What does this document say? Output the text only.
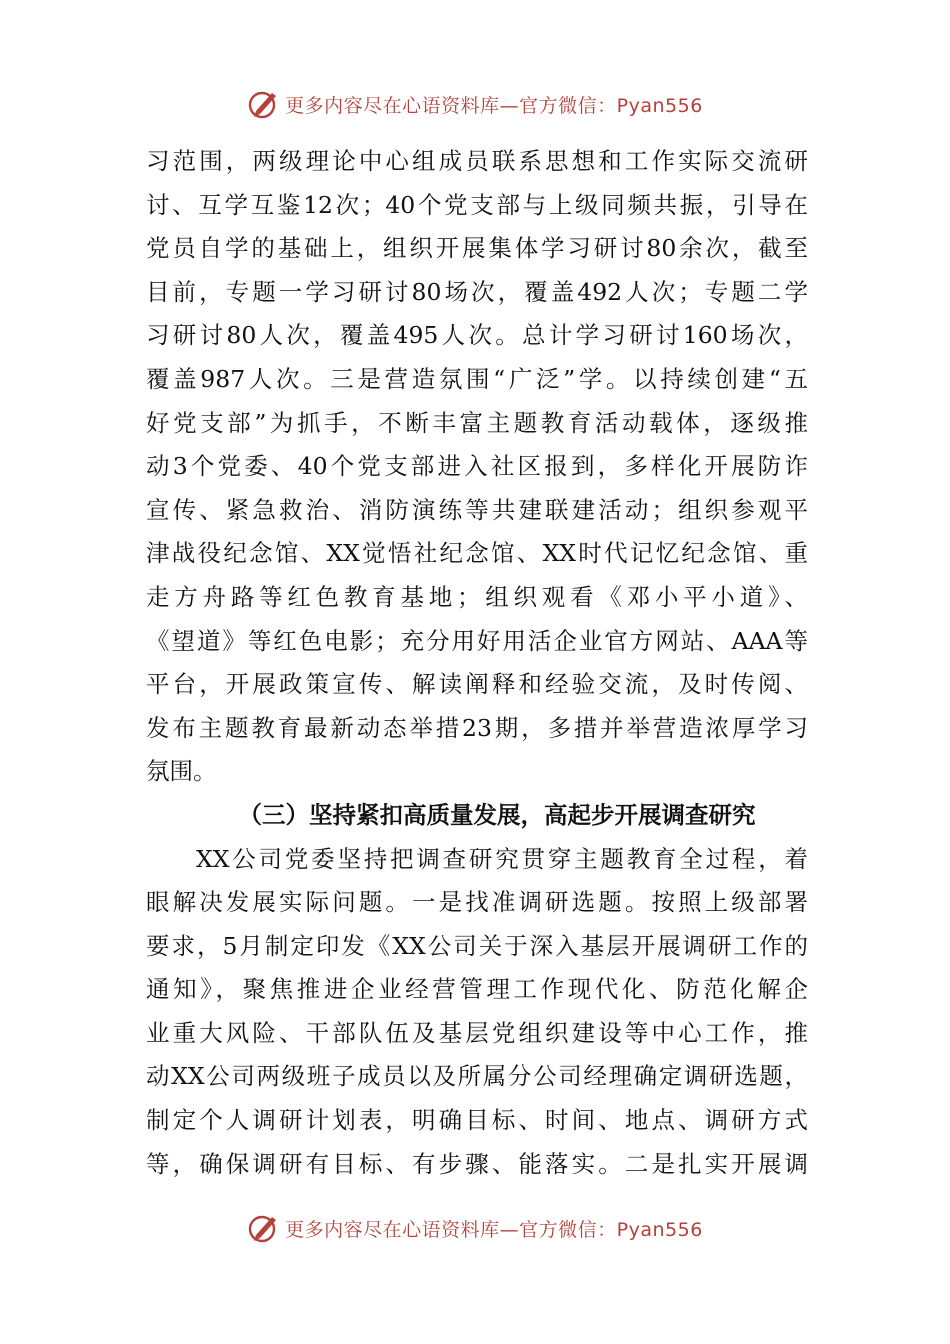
更多内容尽在心语资料库—官方微信：Pyan556
习范围，两级理论中心组成员联系思想和工作实际交流研
讨、互学互鉴12次；40个党支部与上级同频共振，引导在
党员自学的基础上，组织开展集体学习研讨80余次，截至
目前，专题一学习研讨80场次，覆盖492人次；专题二学
习研讨80人次，覆盖495人次。总计学习研讨160场次，
覆盖987人次。三是营造氛围“广泛”学。以持续创建“五
好党支部”为抓手，不断丰富主题教育活动载体，逐级推
动3个党委、40个党支部进入社区报到，多样化开展防诈
宣传、紧急救治、消防演练等共建联建活动；组织参观平
津战役纪念馆、XX觉悟社纪念馆、XX时代记忆纪念馆、重
走方舟路等红色教育基地；组织观看《邓小平小道》、
《望道》等红色电影；充分用好用活企业官方网站、AAA等
平台，开展政策宣传、解读阐释和经验交流，及时传阅、
发布主题教育最新动态举措23期，多措并举营造浓厚学习
氛围。
（三）坚持紧扣高质量发展，高起步开展调查研究
XX公司党委坚持把调查研究贯穿主题教育全过程，着
眼解决发展实际问题。一是找准调研选题。按照上级部署
要求，5月制定印发《XX公司关于深入基层开展调研工作的
通知》，聚焦推进企业经营管理工作现代化、防范化解企
业重大风险、干部队伍及基层党组织建设等中心工作，推
动XX公司两级班子成员以及所属分公司经理确定调研选题，
制定个人调研计划表，明确目标、时间、地点、调研方式
等，确保调研有目标、有步骤、能落实。二是扎实开展调
更多内容尽在心语资料库—官方微信：Pyan556
